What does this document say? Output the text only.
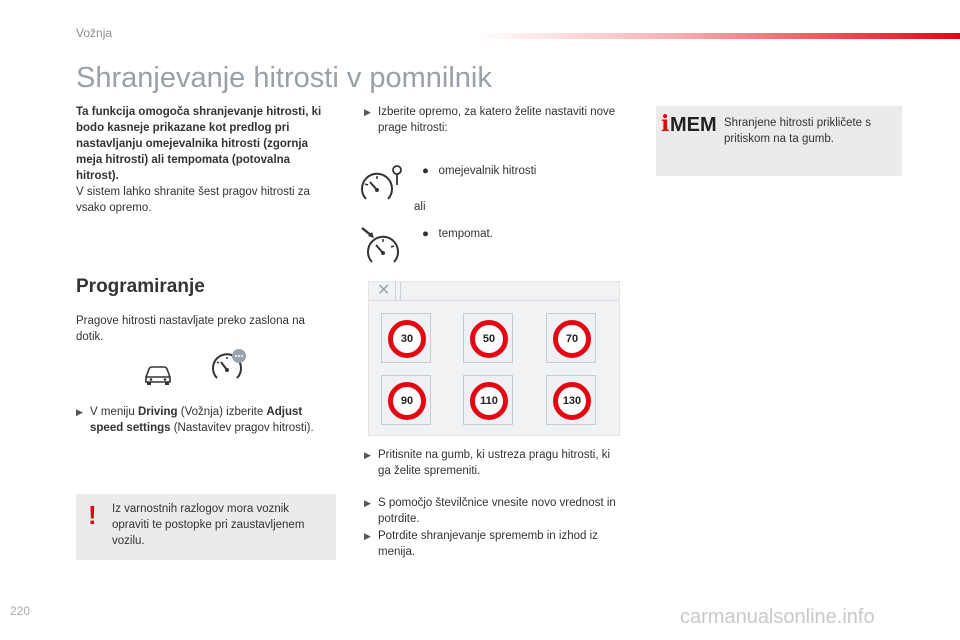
Vožnja
Shranjevanje hitrosti v pomnilnik
Ta funkcija omogoča shranjevanje hitrosti, ki bodo kasneje prikazane kot predlog pri nastavljanju omejevalnika hitrosti (zgornja meja hitrosti) ali tempomata (potovalna hitrost).
V sistem lahko shranite šest pragov hitrosti za vsako opremo.
Programiranje
Pragove hitrosti nastavljate preko zaslona na dotik.
▶ V meniju Driving (Vožnja) izberite Adjust speed settings (Nastavitev pragov hitrosti).
! Iz varnostnih razlogov mora voznik opraviti te postopke pri zaustavljenem vozilu.
▶ Izberite opremo, za katero želite nastaviti nove prage hitrosti:
● omejevalnik hitrosti
ali
● tempomat.
✕
30	50	70
90	110	130
▶ Pritisnite na gumb, ki ustreza pragu hitrosti, ki ga želite spremeniti.
▶ S pomočjo številčnice vnesite novo vrednost in potrdite.
▶ Potrdite shranjevanje sprememb in izhod iz menija.
i MEM Shranjene hitrosti prikličete s pritiskom na ta gumb.
220	carmanualsonline.info
